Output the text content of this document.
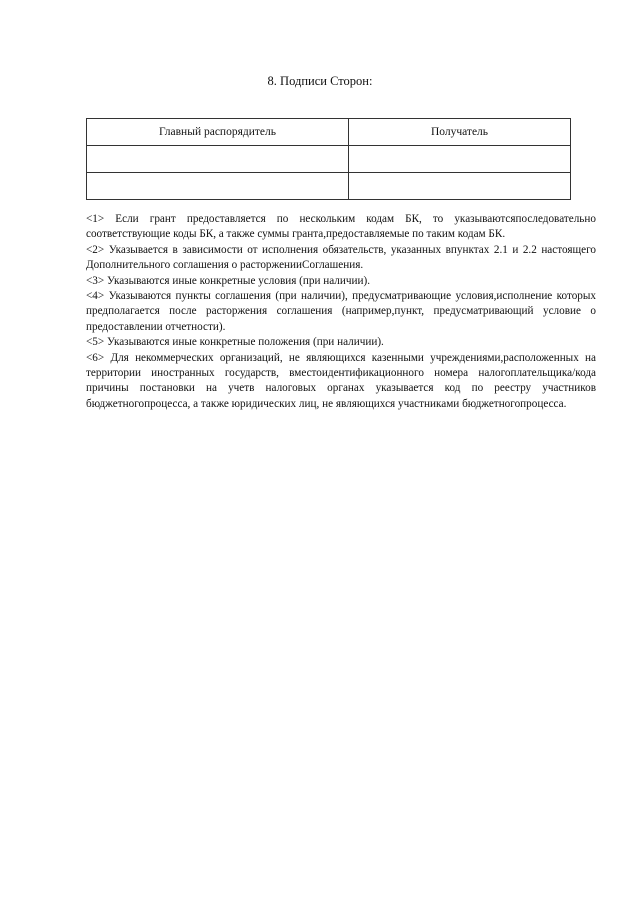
8. Подписи Сторон:
Главный распорядитель	Получатель

<1> Если грант предоставляется по нескольким кодам БК, то указываютсяпоследовательно соответствующие коды БК, а также суммы гранта,предоставляемые по таким кодам БК.

<2> Указывается в зависимости от исполнения обязательств, указанных впунктах 2.1 и 2.2 настоящего Дополнительного соглашения о расторженииСоглашения.

<3> Указываются иные конкретные условия (при наличии).

<4> Указываются пункты соглашения (при наличии), предусматривающие условия,исполнение которых предполагается после расторжения соглашения (например,пункт, предусматривающий условие о предоставлении отчетности).

<5> Указываются иные конкретные положения (при наличии).

<6> Для некоммерческих организаций, не являющихся казенными учреждениями,расположенных на территории иностранных государств, вместоидентификационного номера налогоплательщика/кода причины постановки на учетв налоговых органах указывается код по реестру участников бюджетногопроцесса, а также юридических лиц, не являющихся участниками бюджетногопроцесса.
